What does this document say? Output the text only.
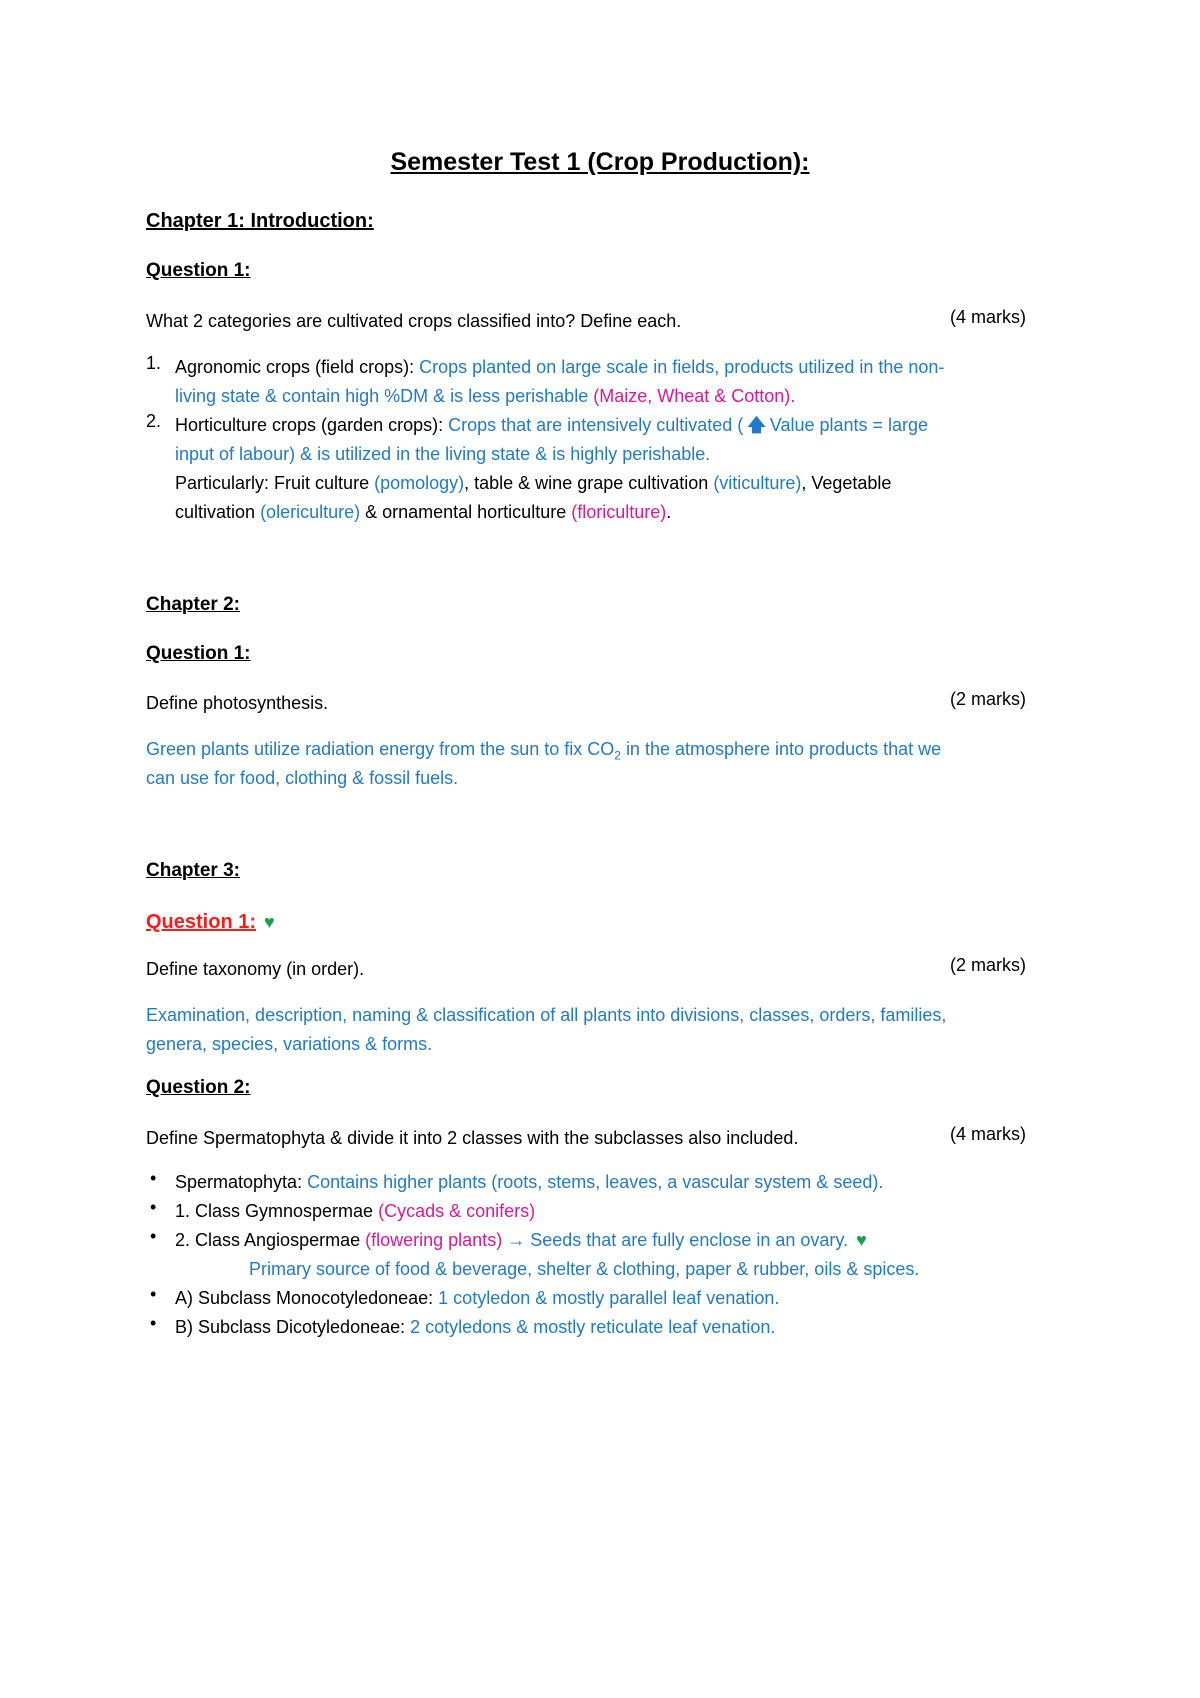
Semester Test 1 (Crop Production):
Chapter 1: Introduction:
Question 1:
What 2 categories are cultivated crops classified into? Define each.	(4 marks)
1. Agronomic crops (field crops): Crops planted on large scale in fields, products utilized in the non-
living state & contain high %DM & is less perishable (Maize, Wheat & Cotton).
2. Horticulture crops (garden crops): Crops that are intensively cultivated ( 🡅 Value plants = large
input of labour) & is utilized in the living state & is highly perishable.
Particularly: Fruit culture (pomology), table & wine grape cultivation (viticulture), Vegetable
cultivation (olericulture) & ornamental horticulture (floriculture).
Chapter 2:
Question 1:
Define photosynthesis.	(2 marks)
Green plants utilize radiation energy from the sun to fix $CO_2$ in the atmosphere into products that we
can use for food, clothing & fossil fuels.
Chapter 3:
Question 1: ♥
Define taxonomy (in order).	(2 marks)
Examination, description, naming & classification of all plants into divisions, classes, orders, families,
genera, species, variations & forms.
Question 2:
Define Spermatophyta & divide it into 2 classes with the subclasses also included.	(4 marks)
• Spermatophyta: Contains higher plants (roots, stems, leaves, a vascular system & seed).
• 1. Class Gymnospermae (Cycads & conifers)
• 2. Class Angiospermae (flowering plants) → Seeds that are fully enclose in an ovary. ♥
Primary source of food & beverage, shelter & clothing, paper & rubber, oils & spices.
• A) Subclass Monocotyledoneae: 1 cotyledon & mostly parallel leaf venation.
• B) Subclass Dicotyledoneae: 2 cotyledons & mostly reticulate leaf venation.
